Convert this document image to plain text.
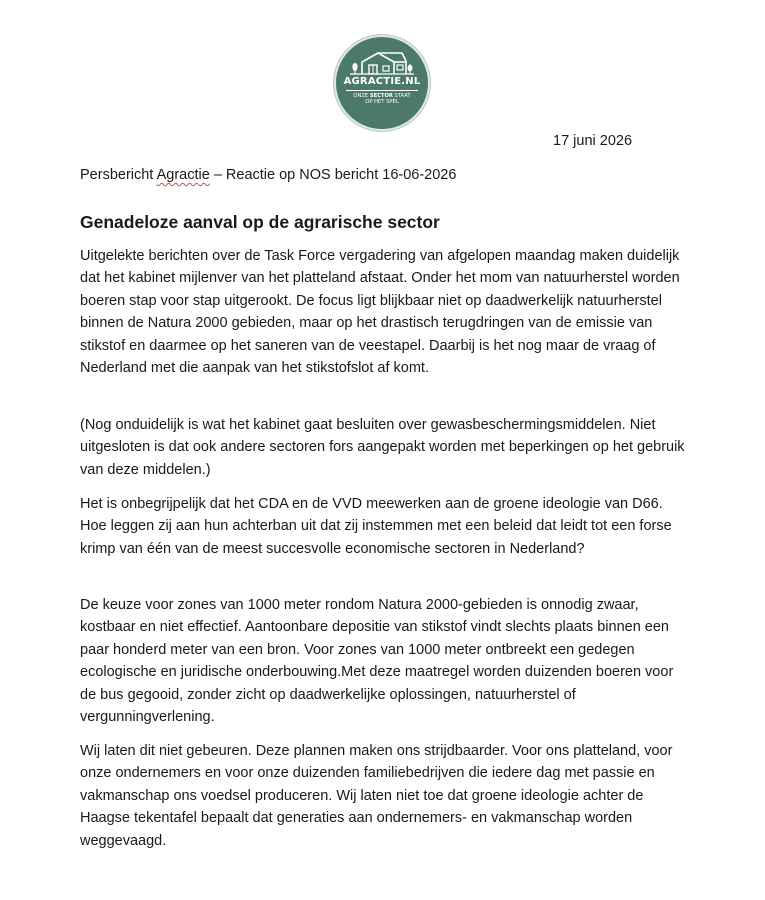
AGRACTIE.NL
ONZE SECTOR STAAT
OP HET SPEL
17 juni 2026
Persbericht Agractie – Reactie op NOS bericht 16-06-2026
Genadeloze aanval op de agrarische sector

Uitgelekte berichten over de Task Force vergadering van afgelopen maandag maken duidelijk dat het kabinet mijlenver van het platteland afstaat. Onder het mom van natuurherstel worden boeren stap voor stap uitgerookt. De focus ligt blijkbaar niet op daadwerkelijk natuurherstel binnen de Natura 2000 gebieden, maar op het drastisch terugdringen van de emissie van stikstof en daarmee op het saneren van de veestapel. Daarbij is het nog maar de vraag of Nederland met die aanpak van het stikstofslot af komt.

(Nog onduidelijk is wat het kabinet gaat besluiten over gewasbeschermingsmiddelen. Niet uitgesloten is dat ook andere sectoren fors aangepakt worden met beperkingen op het gebruik van deze middelen.)

Het is onbegrijpelijk dat het CDA en de VVD meewerken aan de groene ideologie van D66. Hoe leggen zij aan hun achterban uit dat zij instemmen met een beleid dat leidt tot een forse krimp van één van de meest succesvolle economische sectoren in Nederland?

De keuze voor zones van 1000 meter rondom Natura 2000-gebieden is onnodig zwaar, kostbaar en niet effectief. Aantoonbare depositie van stikstof vindt slechts plaats binnen een paar honderd meter van een bron. Voor zones van 1000 meter ontbreekt een gedegen ecologische en juridische onderbouwing.Met deze maatregel worden duizenden boeren voor de bus gegooid, zonder zicht op daadwerkelijke oplossingen, natuurherstel of vergunningverlening.

Wij laten dit niet gebeuren. Deze plannen maken ons strijdbaarder. Voor ons platteland, voor onze ondernemers en voor onze duizenden familiebedrijven die iedere dag met passie en vakmanschap ons voedsel produceren. Wij laten niet toe dat groene ideologie achter de Haagse tekentafel bepaalt dat generaties aan ondernemers- en vakmanschap worden weggevaagd.
